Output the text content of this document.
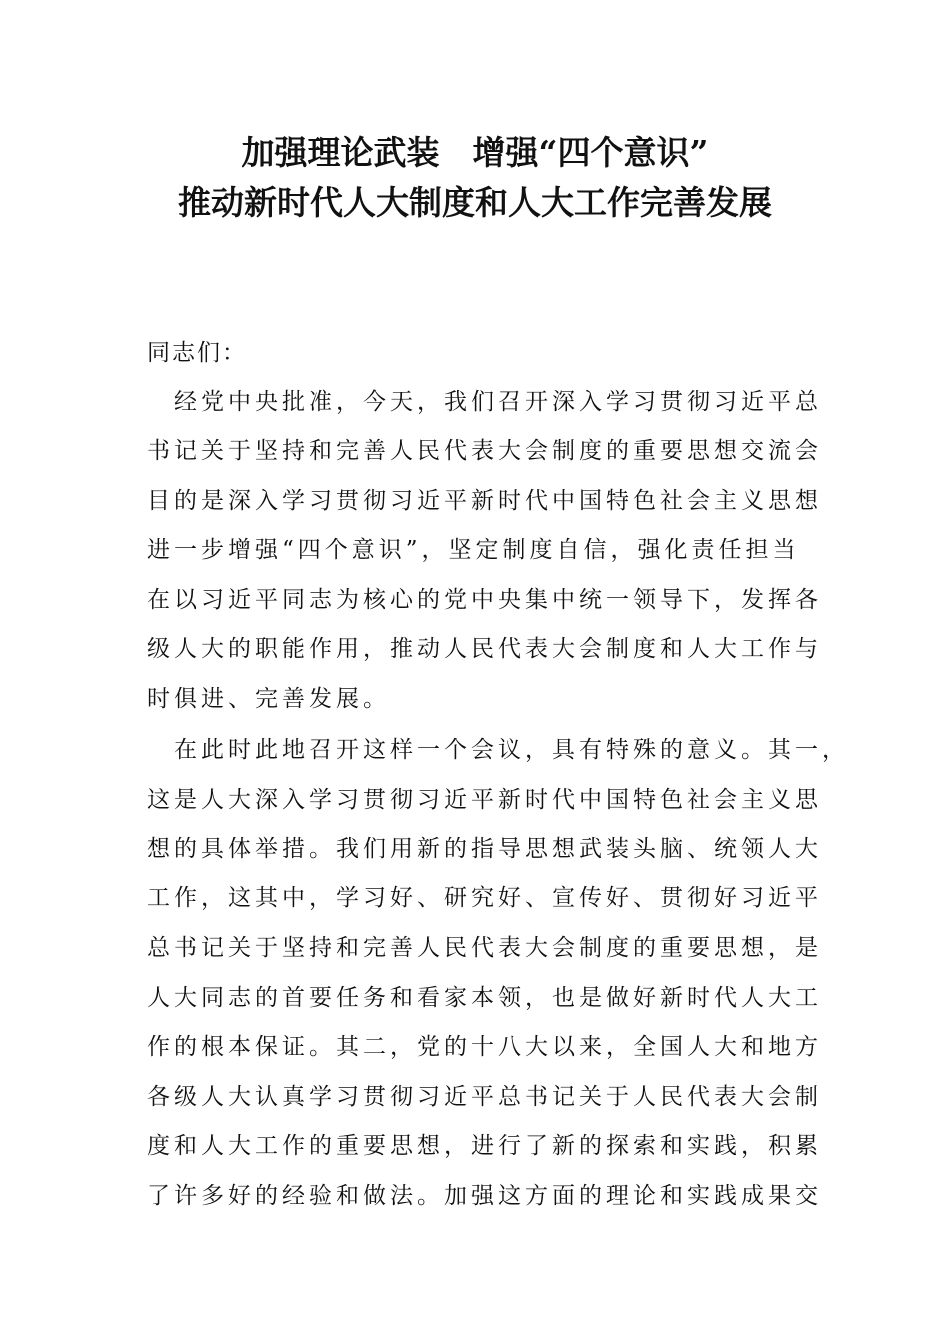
加强理论武装　增强“四个意识”
推动新时代人大制度和人大工作完善发展
同志们：
　经党中央批准，今天，我们召开深入学习贯彻习近平总
书记关于坚持和完善人民代表大会制度的重要思想交流会
目的是深入学习贯彻习近平新时代中国特色社会主义思想
进一步增强“四个意识”，坚定制度自信，强化责任担当
在以习近平同志为核心的党中央集中统一领导下，发挥各
级人大的职能作用，推动人民代表大会制度和人大工作与
时俱进、完善发展。
　在此时此地召开这样一个会议，具有特殊的意义。其一，
这是人大深入学习贯彻习近平新时代中国特色社会主义思
想的具体举措。我们用新的指导思想武装头脑、统领人大
工作，这其中，学习好、研究好、宣传好、贯彻好习近平
总书记关于坚持和完善人民代表大会制度的重要思想，是
人大同志的首要任务和看家本领，也是做好新时代人大工
作的根本保证。其二，党的十八大以来，全国人大和地方
各级人大认真学习贯彻习近平总书记关于人民代表大会制
度和人大工作的重要思想，进行了新的探索和实践，积累
了许多好的经验和做法。加强这方面的理论和实践成果交
